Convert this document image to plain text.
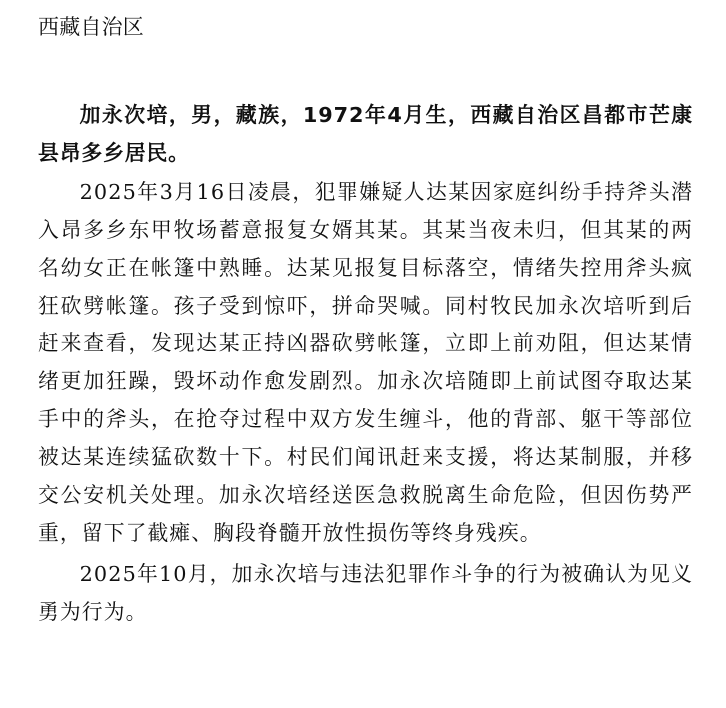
西藏自治区

加永次培，男，藏族，1972年4月生，西藏自治区昌都市芒康县昂多乡居民。

2025年3月16日凌晨，犯罪嫌疑人达某因家庭纠纷手持斧头潜入昂多乡东甲牧场蓄意报复女婿其某。其某当夜未归，但其某的两名幼女正在帐篷中熟睡。达某见报复目标落空，情绪失控用斧头疯狂砍劈帐篷。孩子受到惊吓，拼命哭喊。同村牧民加永次培听到后赶来查看，发现达某正持凶器砍劈帐篷，立即上前劝阻，但达某情绪更加狂躁，毁坏动作愈发剧烈。加永次培随即上前试图夺取达某手中的斧头，在抢夺过程中双方发生缠斗，他的背部、躯干等部位被达某连续猛砍数十下。村民们闻讯赶来支援，将达某制服，并移交公安机关处理。加永次培经送医急救脱离生命危险，但因伤势严重，留下了截瘫、胸段脊髓开放性损伤等终身残疾。

2025年10月，加永次培与违法犯罪作斗争的行为被确认为见义勇为行为。
